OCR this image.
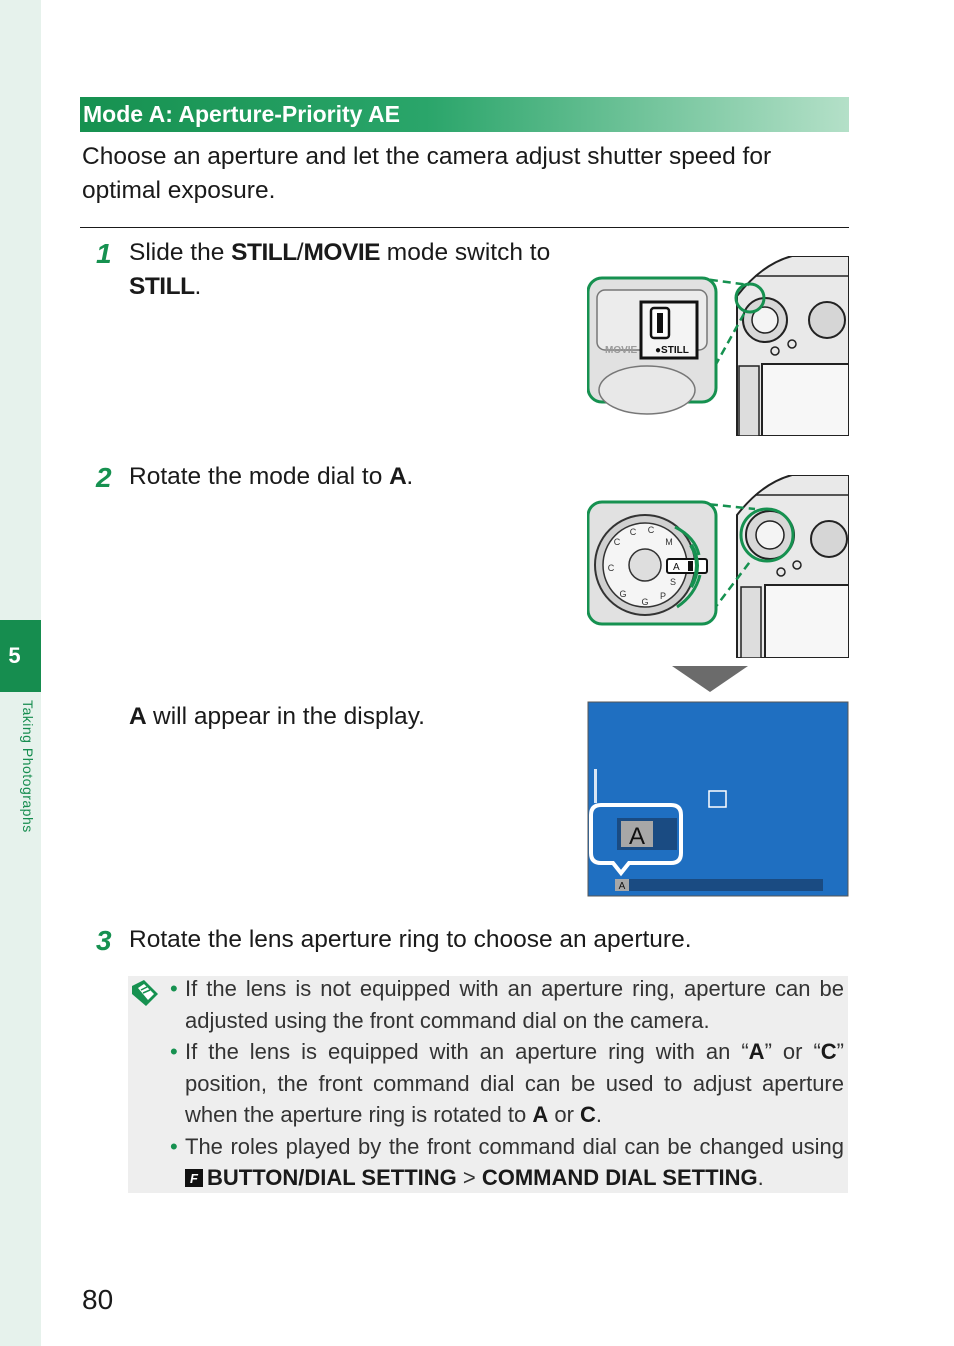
5
Taking Photographs
Mode A: Aperture-Priority AE
Choose an aperture and let the camera adjust shutter speed for optimal exposure.
1 Slide the STILL/MOVIE mode switch to STILL.
MOVIE ●STILL
2 Rotate the mode dial to A.
C
C C
M
S
P
G
G
C	A
A will appear in the display.
A
A
3 Rotate the lens aperture ring to choose an aperture.
• If the lens is not equipped with an aperture ring, aperture can be adjusted using the front command dial on the camera.
• If the lens is equipped with an aperture ring with an “A” or “C” position, the front command dial can be used to adjust aperture when the aperture ring is rotated to A or C.
• The roles played by the front command dial can be changed using
F BUTTON/DIAL SETTING > COMMAND DIAL SETTING.
80
